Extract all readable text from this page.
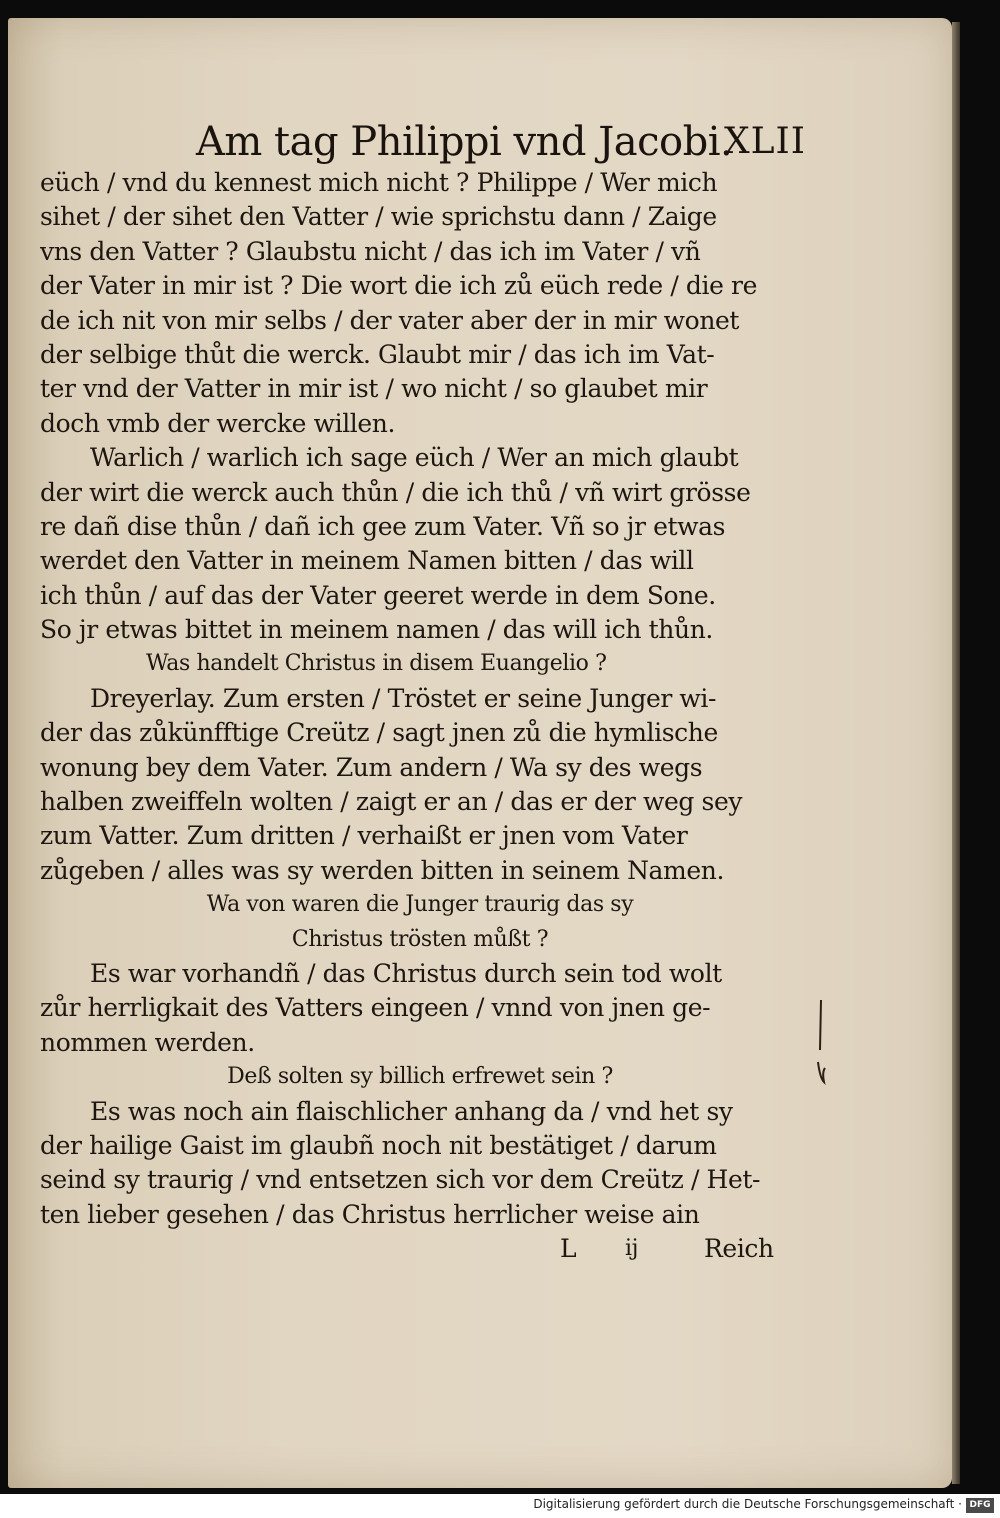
Am tag Philippi vnd Jacobi.
XLII
eüch / vnd du kennest mich nicht ? Philippe / Wer mich
sihet / der sihet den Vatter / wie sprichstu dann / Zaige
vns den Vatter ? Glaubstu nicht / das ich im Vater / vñ
der Vater in mir ist ? Die wort die ich zů eüch rede / die re
de ich nit von mir selbs / der vater aber der in mir wonet
der selbige thůt die werck. Glaubt mir / das ich im Vat-
ter vnd der Vatter in mir ist / wo nicht / so glaubet mir
doch vmb der wercke willen.
Warlich / warlich ich sage eüch / Wer an mich glaubt
der wirt die werck auch thůn / die ich thů / vñ wirt grösse
re dañ dise thůn / dañ ich gee zum Vater. Vñ so jr etwas
werdet den Vatter in meinem Namen bitten / das will
ich thůn / auf das der Vater geeret werde in dem Sone.
So jr etwas bittet in meinem namen / das will ich thůn.
Was handelt Christus in disem Euangelio ?
Dreyerlay. Zum ersten / Tröstet er seine Junger wi-
der das zůkünfftige Creütz / sagt jnen zů die hymlische
wonung bey dem Vater. Zum andern / Wa sy des wegs
halben zweiffeln wolten / zaigt er an / das er der weg sey
zum Vatter. Zum dritten / verhaißt er jnen vom Vater
zůgeben / alles was sy werden bitten in seinem Namen.
Wa von waren die Junger traurig das sy
Christus trösten můßt ?
Es war vorhandñ / das Christus durch sein tod wolt
zůr herrligkait des Vatters eingeen / vnnd von jnen ge-
nommen werden.
Deß solten sy billich erfrewet sein ?
Es was noch ain flaischlicher anhang da / vnd het sy
der hailige Gaist im glaubñ noch nit bestätiget / darum
seind sy traurig / vnd entsetzen sich vor dem Creütz / Het-
ten lieber gesehen / das Christus herrlicher weise ain
L ij	Reich
Digitalisierung gefördert durch die Deutsche Forschungsgemeinschaft · DFG
